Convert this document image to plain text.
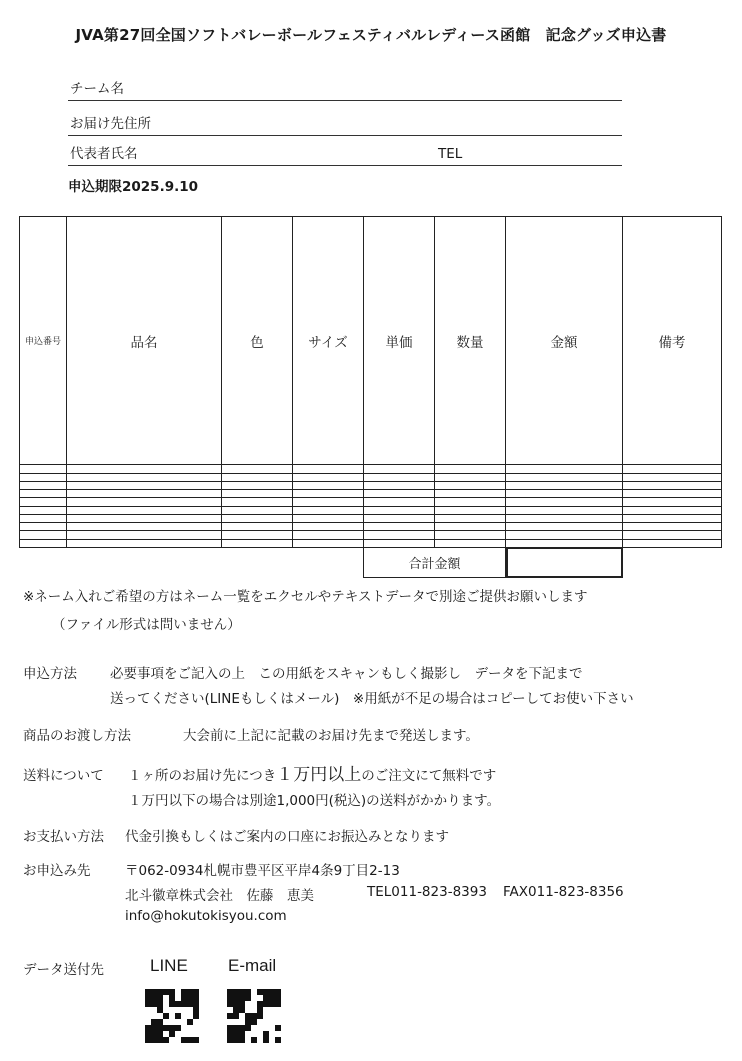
JVA第27回全国ソフトバレーボールフェスティバルレディース函館　記念グッズ申込書
チーム名
お届け先住所
代表者氏名	TEL
申込期限2025.9.10
申込番号	品名	色	サイズ	単価	数量	金額	備考

合計金額
※ネーム入れご希望の方はネーム一覧をエクセルやテキストデータで別途ご提供お願いします
（ファイル形式は問いません）
申込方法 必要事項をご記入の上　この用紙をスキャンもしく撮影し　データを下記まで
送ってください(LINEもしくはメール)　※用紙が不足の場合はコピーしてお使い下さい
商品のお渡し方法	大会前に上記に記載のお届け先まで発送します。
送料について １ヶ所のお届け先につき１万円以上のご注文にて無料です
１万円以下の場合は別途1,000円(税込)の送料がかかります。
お支払い方法 代金引換もしくはご案内の口座にお振込みとなります
お申込み先	〒062-0934札幌市豊平区平岸4条9丁目2-13
北斗徽章株式会社　佐藤　恵美	TEL011-823-8393 FAX011-823-8356
info@hokutokisyou.com
データ送付先	LINE E-mail
